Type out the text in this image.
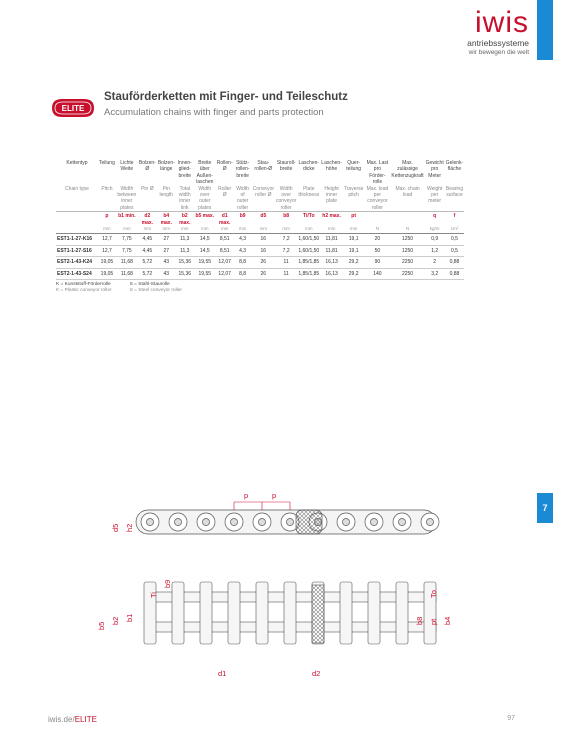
iwis
antriebssysteme
wir bewegen die welt
ELITE
Stauförderketten mit Finger- und Teileschutz
Accumulation chains with finger and parts protection
Kettentyp	Teilung	Lichte Weite	Bolzen-Ø	Bolzen-länge	Innen-glied-breite	Breite über Außen-laschen	Rollen-Ø	Stütz-rollen-breite	Stau-rollen-Ø	Stauroll-breite	Laschen-dicke	Laschen-höhe	Quer-teilung	Max. Last pro Förder-rolle	Max. zulässige Kettenzugkraft	Gewicht pro Meter	Gelenk-fläche
Chain type	Pitch	Width between inner plates	Pin Ø	Pin length	Total width inner link	Width over outer plates	Roller Ø	Width of outer roller	Conveyor roller Ø	Width over conveyor roller	Plate thickness	Height inner plate	Traverse pitch	Max. load per conveyor roller	Max. chain load	Weight per meter	Bearing surface
	p	b1 min.	d2 max.	b4 max.	b2 max.	b5 max.	d1 max.	b9	d5	b8	Ti/To	h2 max.	pt			q	f
	mm	mm	mm	mm	mm	mm	mm	mm	mm	mm	mm	mm	mm	N	N	kg/m	cm²
EST1-1-27-K16	12,7	7,75	4,45	27	11,3	14,5	8,51	4,3	16	7,2	1,60/1,50	11,81	19,1	20	1250	0,9	0,5
EST1-1-27-S16	12,7	7,75	4,45	27	11,3	14,5	8,51	4,3	16	7,2	1,60/1,50	11,81	19,1	50	1250	1,2	0,5
EST2-1-43-K24	19,05	11,68	5,72	43	15,36	19,55	12,07	8,8	26	11	1,85/1,85	16,13	29,2	90	2250	2	0,88
EST2-1-43-S24	19,05	11,68	5,72	43	15,36	19,55	12,07	8,8	26	11	1,85/1,85	16,13	29,2	140	2250	3,2	0,88
K = Kunststoff-Förderrolle
K = Plastic conveyor roller
S = Stahl-Staurolle
S = Steel conveyor roller
7
p	p
d5 h2
b9
Ti	To
b5
b2 b1	b8 pt b4
d1	d2
iwis.de/ELITE	97
